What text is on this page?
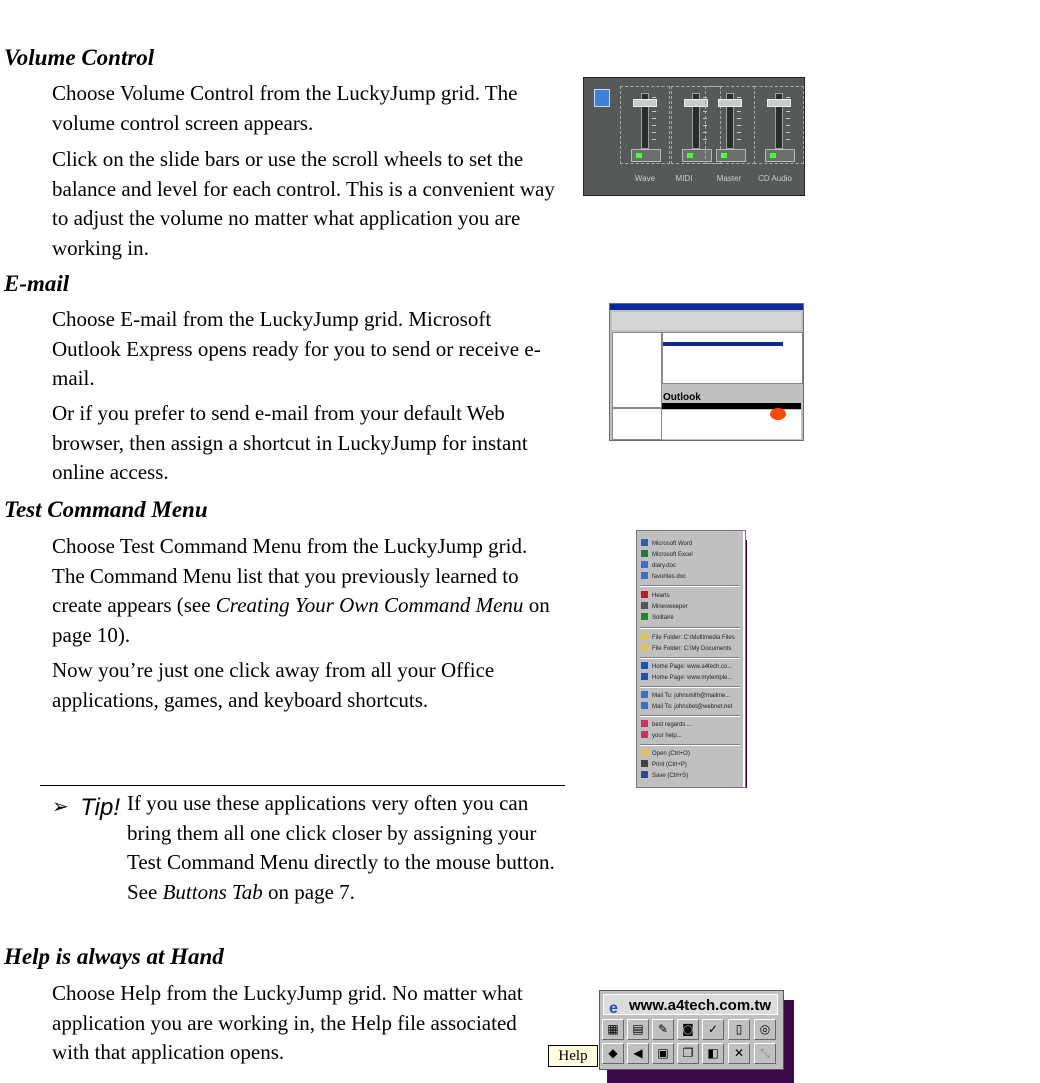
Volume Control

Choose Volume Control from the LuckyJump grid. The volume control screen appears.

Click on the slide bars or use the scroll wheels to set the balance and level for each control. This is a convenient way to adjust the volume no matter what application you are working in.

Wave	MIDI	Master	CD Audio
E-mail

Choose E-mail from the LuckyJump grid. Microsoft Outlook Express opens ready for you to send or receive e-mail.

Or if you prefer to send e-mail from your default Web browser, then assign a shortcut in LuckyJump for instant online access.

Outlook
Test Command Menu

Choose Test Command Menu from the LuckyJump grid. The Command Menu list that you previously learned to create appears (see Creating Your Own Command Menu on page 10).

Now you’re just one click away from all your Office applications, games, and keyboard shortcuts.

Microsoft Word
Microsoft Excel
diary.doc
favorites.doc
Hearts
Minesweeper
Solitaire
File Folder: C:\Multimedia Files
File Folder: C:\My Documents
Home Page: www.a4tech.co...
Home Page: www.mytemple...
Mail To: johnsmith@mailme...
Mail To: johnsbet@webnet.net
best regards ...
your help...
Open (Ctrl+O)
Print (Ctrl+P)
Save (Ctrl+S)
➢ Tip! If you use these applications very often you can bring them all one click closer by assigning your Test Command Menu directly to the mouse button. See Buttons Tab on page 7.

Help is always at Hand

Choose Help from the LuckyJump grid. No matter what application you are working in, the Help file associated with that application opens.

e www.a4tech.com.tw
▦	▤	✎	◙	✓	▯	◎
◆	◀	▣	❐	◧	✕	⤡
Help
